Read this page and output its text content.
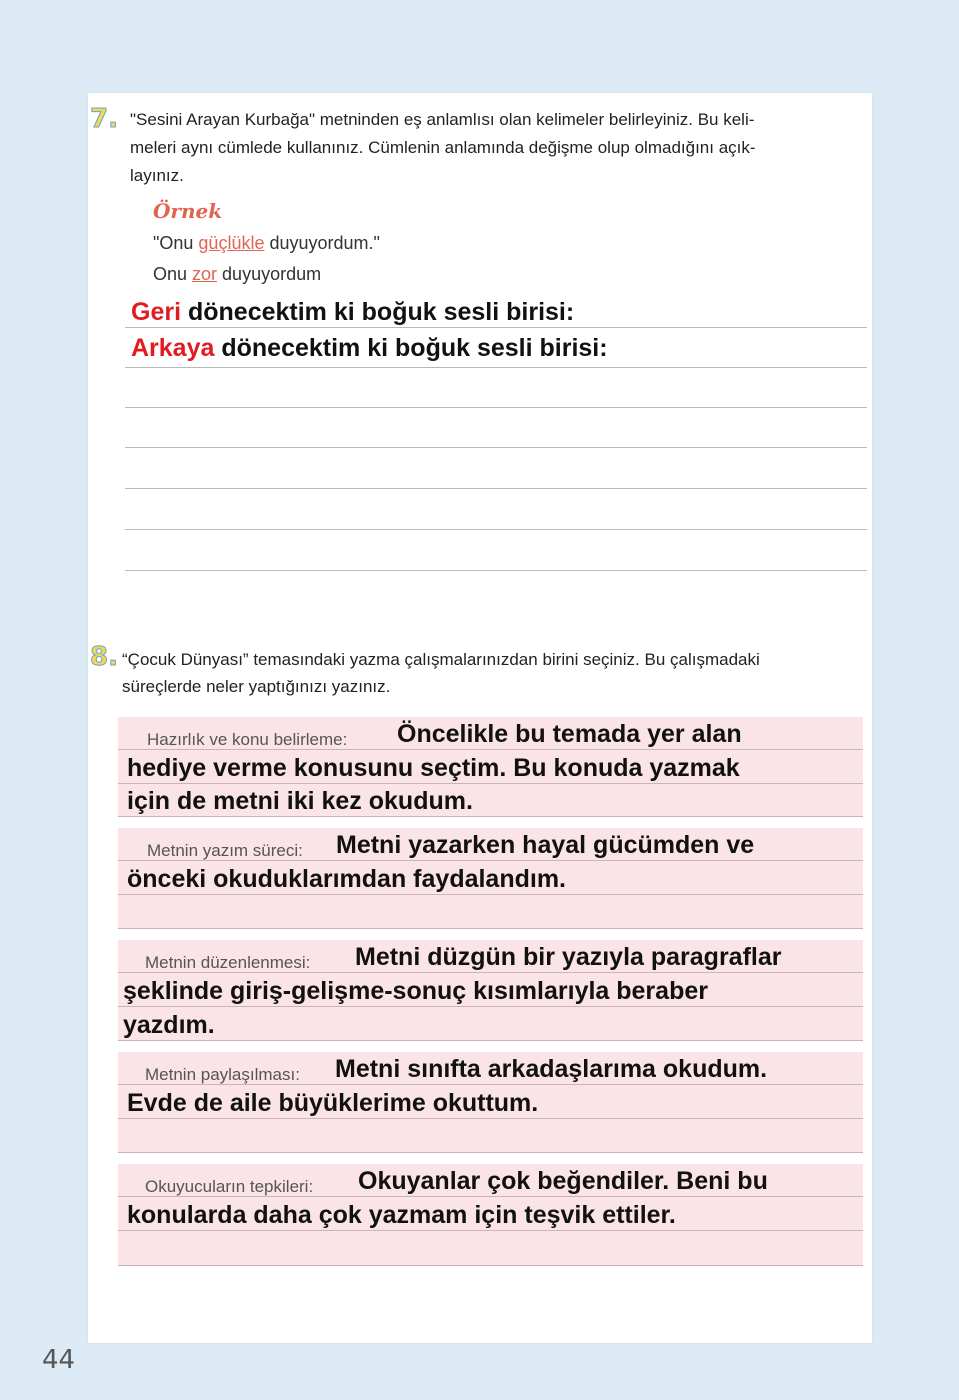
7. "Sesini Arayan Kurbağa" metninden eş anlamlısı olan kelimeler belirleyiniz. Bu keli-
meleri aynı cümlede kullanınız. Cümlenin anlamında değişme olup olmadığını açık-
layınız.
Örnek
"Onu güçlükle duyuyordum."
Onu zor duyuyordum
Geri dönecektim ki boğuk sesli birisi:
Arkaya dönecektim ki boğuk sesli birisi:
8. “Çocuk Dünyası” temasındaki yazma çalışmalarınızdan birini seçiniz. Bu çalışmadaki
süreçlerde neler yaptığınızı yazınız.
Hazırlık ve konu belirleme: Öncelikle bu temada yer alan
hediye verme konusunu seçtim. Bu konuda yazmak
için de metni iki kez okudum.
Metnin yazım süreci: Metni yazarken hayal gücümden ve
önceki okuduklarımdan faydalandım.
Metnin düzenlenmesi: Metni düzgün bir yazıyla paragraflar
şeklinde giriş-gelişme-sonuç kısımlarıyla beraber
yazdım.
Metnin paylaşılması: Metni sınıfta arkadaşlarıma okudum.
Evde de aile büyüklerime okuttum.
Okuyucuların tepkileri: Okuyanlar çok beğendiler. Beni bu
konularda daha çok yazmam için teşvik ettiler.
44
